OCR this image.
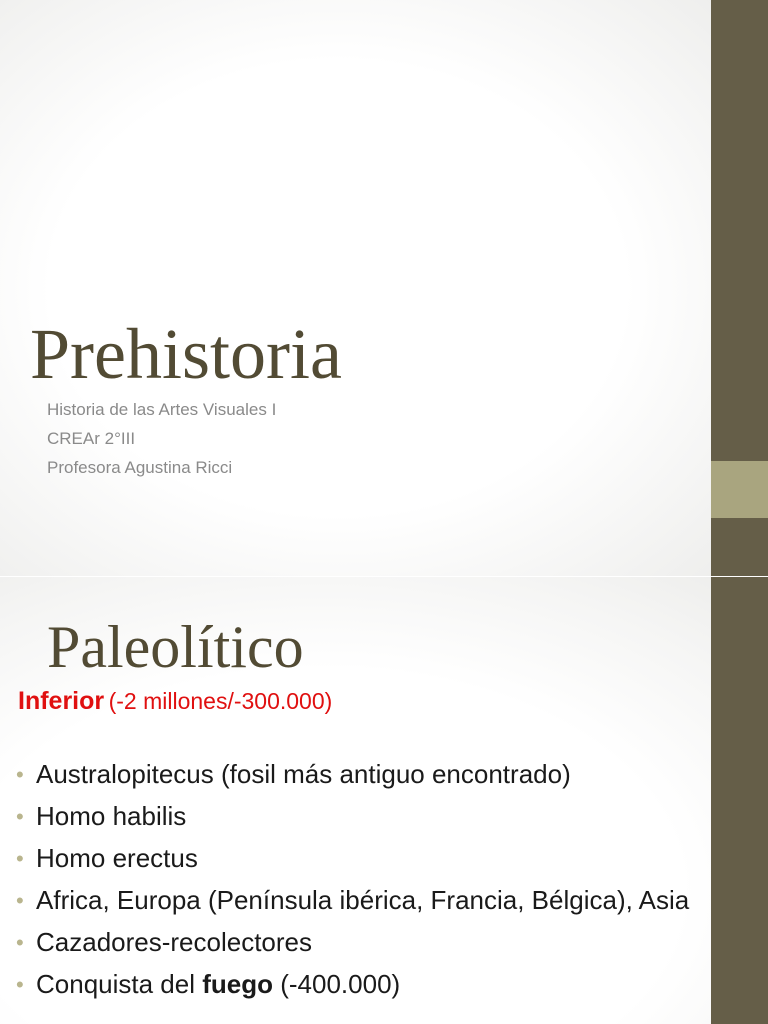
Prehistoria
Historia de las Artes Visuales I
CREAr 2°III
Profesora Agustina Ricci
Paleolítico
Inferior (-2 millones/-300.000)
• Australopitecus (fosil más antiguo encontrado)
• Homo habilis
• Homo erectus
• Africa, Europa (Península ibérica, Francia, Bélgica), Asia
• Cazadores-recolectores
• Conquista del fuego (-400.000)
